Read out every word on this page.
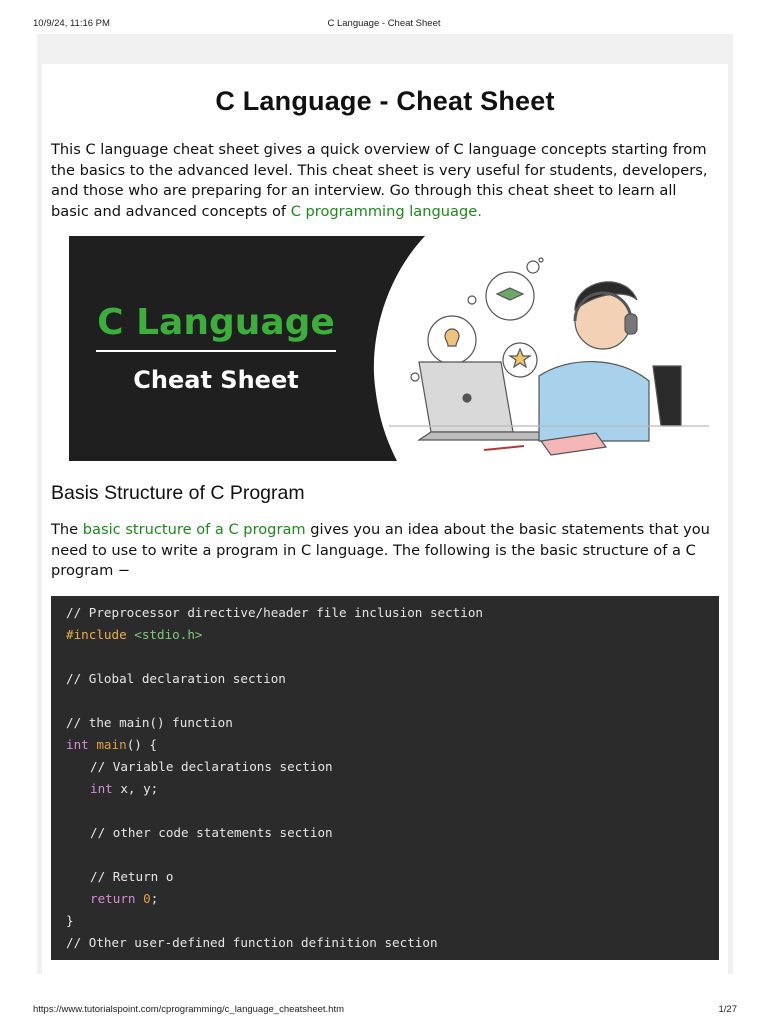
10/9/24, 11:16 PM	C Language - Cheat Sheet
C Language - Cheat Sheet

This C language cheat sheet gives a quick overview of C language concepts starting from the basics to the advanced level. This cheat sheet is very useful for students, developers, and those who are preparing for an interview. Go through this cheat sheet to learn all basic and advanced concepts of C programming language.

C Language
Cheat Sheet
Basis Structure of C Program

The basic structure of a C program gives you an idea about the basic statements that you need to use to write a program in C language. The following is the basic structure of a C program −

// Preprocessor directive/header file inclusion section
#include <stdio.h>
// Global declaration section
// the main() function
int main() {
// Variable declarations section
int x, y;
// other code statements section
// Return o
return 0;
}
// Other user-defined function definition section
https://www.tutorialspoint.com/cprogramming/c_language_cheatsheet.htm	1/27
